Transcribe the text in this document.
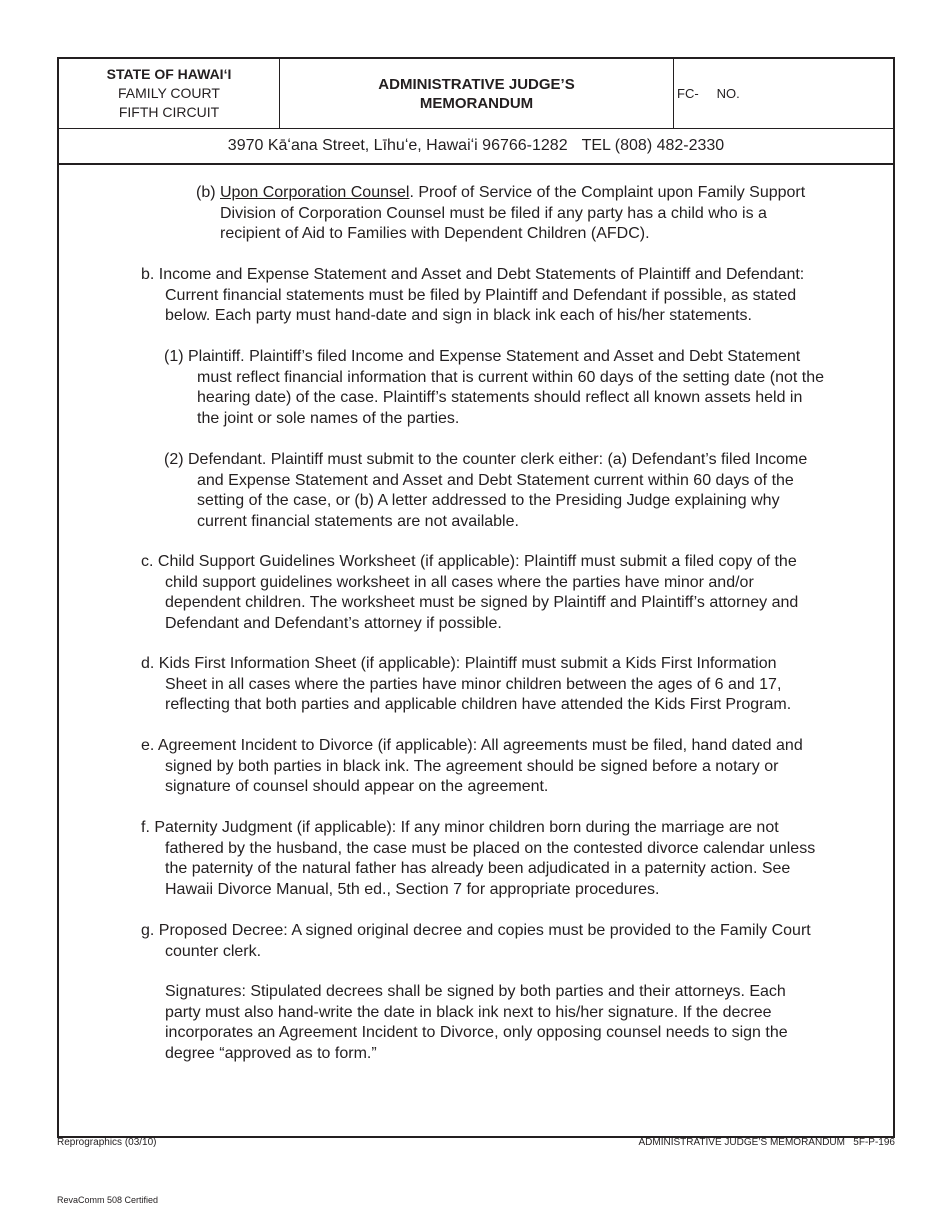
STATE OF HAWAIʻI
FAMILY COURT
FIFTH CIRCUIT
ADMINISTRATIVE JUDGE’S
MEMORANDUM
FC- NO.
3970 Kāʻana Street, Līhuʻe, Hawaiʻi 96766-1282 TEL (808) 482-2330
(b) Upon Corporation Counsel. Proof of Service of the Complaint upon Family Support
Division of Corporation Counsel must be filed if any party has a child who is a
recipient of Aid to Families with Dependent Children (AFDC).
b. Income and Expense Statement and Asset and Debt Statements of Plaintiff and Defendant:
Current financial statements must be filed by Plaintiff and Defendant if possible, as stated
below. Each party must hand-date and sign in black ink each of his/her statements.
(1) Plaintiff. Plaintiff’s filed Income and Expense Statement and Asset and Debt Statement
must reflect financial information that is current within 60 days of the setting date (not the
hearing date) of the case. Plaintiff’s statements should reflect all known assets held in
the joint or sole names of the parties.
(2) Defendant. Plaintiff must submit to the counter clerk either: (a) Defendant’s filed Income
and Expense Statement and Asset and Debt Statement current within 60 days of the
setting of the case, or (b) A letter addressed to the Presiding Judge explaining why
current financial statements are not available.
c. Child Support Guidelines Worksheet (if applicable): Plaintiff must submit a filed copy of the
child support guidelines worksheet in all cases where the parties have minor and/or
dependent children. The worksheet must be signed by Plaintiff and Plaintiff’s attorney and
Defendant and Defendant’s attorney if possible.
d. Kids First Information Sheet (if applicable): Plaintiff must submit a Kids First Information
Sheet in all cases where the parties have minor children between the ages of 6 and 17,
reflecting that both parties and applicable children have attended the Kids First Program.
e. Agreement Incident to Divorce (if applicable): All agreements must be filed, hand dated and
signed by both parties in black ink. The agreement should be signed before a notary or
signature of counsel should appear on the agreement.
f. Paternity Judgment (if applicable): If any minor children born during the marriage are not
fathered by the husband, the case must be placed on the contested divorce calendar unless
the paternity of the natural father has already been adjudicated in a paternity action. See
Hawaii Divorce Manual, 5th ed., Section 7 for appropriate procedures.
g. Proposed Decree: A signed original decree and copies must be provided to the Family Court
counter clerk.
Signatures: Stipulated decrees shall be signed by both parties and their attorneys. Each
party must also hand-write the date in black ink next to his/her signature. If the decree
incorporates an Agreement Incident to Divorce, only opposing counsel needs to sign the
degree “approved as to form.”
Reprographics (03/10)	ADMINISTRATIVE JUDGE’S MEMORANDUM   5F-P-196
RevaComm 508 Certified
